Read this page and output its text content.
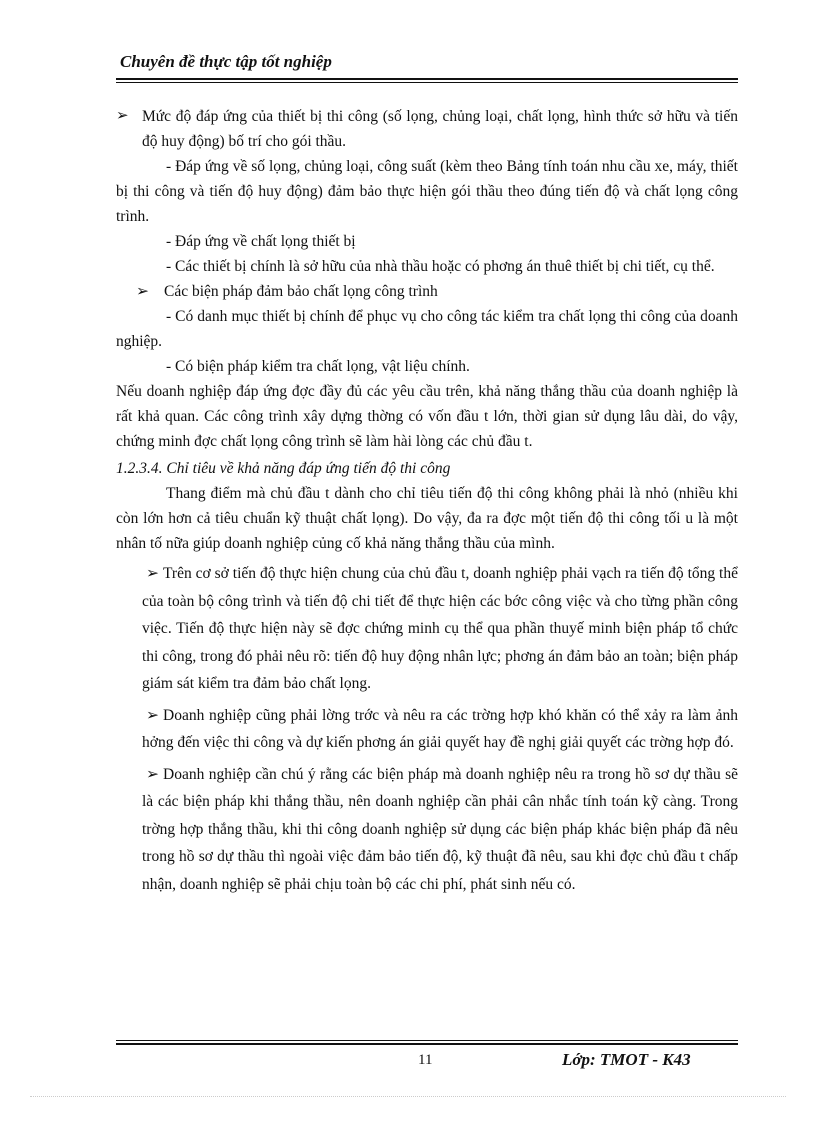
Chuyên đề thực tập tốt nghiệp

➢ Mức độ đáp ứng của thiết bị thi công (số lọng, chủng loại, chất lọng, hình thức sở hữu và tiến độ huy động) bố trí cho gói thầu.

- Đáp ứng về số lọng, chủng loại, công suất (kèm theo Bảng tính toán nhu cầu xe, máy, thiết bị thi công và tiến độ huy động) đảm bảo thực hiện gói thầu theo đúng tiến độ và chất lọng công trình.

- Đáp ứng về chất lọng thiết bị

- Các thiết bị chính là sở hữu của nhà thầu hoặc có phơng án thuê thiết bị chi tiết, cụ thể.

➢ Các biện pháp đảm bảo chất lọng công trình

- Có danh mục thiết bị chính để phục vụ cho công tác kiểm tra chất lọng thi công của doanh nghiệp.

- Có biện pháp kiểm tra chất lọng, vật liệu chính.

Nếu doanh nghiệp đáp ứng đợc đầy đủ các yêu cầu trên, khả năng thắng thầu của doanh nghiệp là rất khả quan. Các công trình xây dựng thờng có vốn đầu t lớn, thời gian sử dụng lâu dài, do vậy, chứng minh đợc chất lọng công trình sẽ làm hài lòng các chủ đầu t.

1.2.3.4. Chỉ tiêu về khả năng đáp ứng tiến độ thi công

Thang điểm mà chủ đầu t dành cho chỉ tiêu tiến độ thi công không phải là nhỏ (nhiều khi còn lớn hơn cả tiêu chuẩn kỹ thuật chất lọng). Do vậy, đa ra đợc một tiến độ thi công tối u là một nhân tố nữa giúp doanh nghiệp củng cố khả năng thắng thầu của mình.

➢ Trên cơ sở tiến độ thực hiện chung của chủ đầu t, doanh nghiệp phải vạch ra tiến độ tổng thể của toàn bộ công trình và tiến độ chi tiết để thực hiện các bớc công việc và cho từng phần công việc. Tiến độ thực hiện này sẽ đợc chứng minh cụ thể qua phần thuyế minh biện pháp tổ chức thi công, trong đó phải nêu rõ: tiến độ huy động nhân lực; phơng án đảm bảo an toàn; biện pháp giám sát kiểm tra đảm bảo chất lọng.

➢ Doanh nghiệp cũng phải lờng trớc và nêu ra các trờng hợp khó khăn có thể xảy ra làm ảnh hởng đến việc thi công và dự kiến phơng án giải quyết hay đề nghị giải quyết các trờng hợp đó.

➢ Doanh nghiệp cần chú ý rằng các biện pháp mà doanh nghiệp nêu ra trong hồ sơ dự thầu sẽ là các biện pháp khi thắng thầu, nên doanh nghiệp cần phải cân nhắc tính toán kỹ càng. Trong trờng hợp thắng thầu, khi thi công doanh nghiệp sử dụng các biện pháp khác biện pháp đã nêu trong hồ sơ dự thầu thì ngoài việc đảm bảo tiến độ, kỹ thuật đã nêu, sau khi đợc chủ đầu t chấp nhận, doanh nghiệp sẽ phải chịu toàn bộ các chi phí, phát sinh nếu có.

11	Lớp: TMOT - K43
